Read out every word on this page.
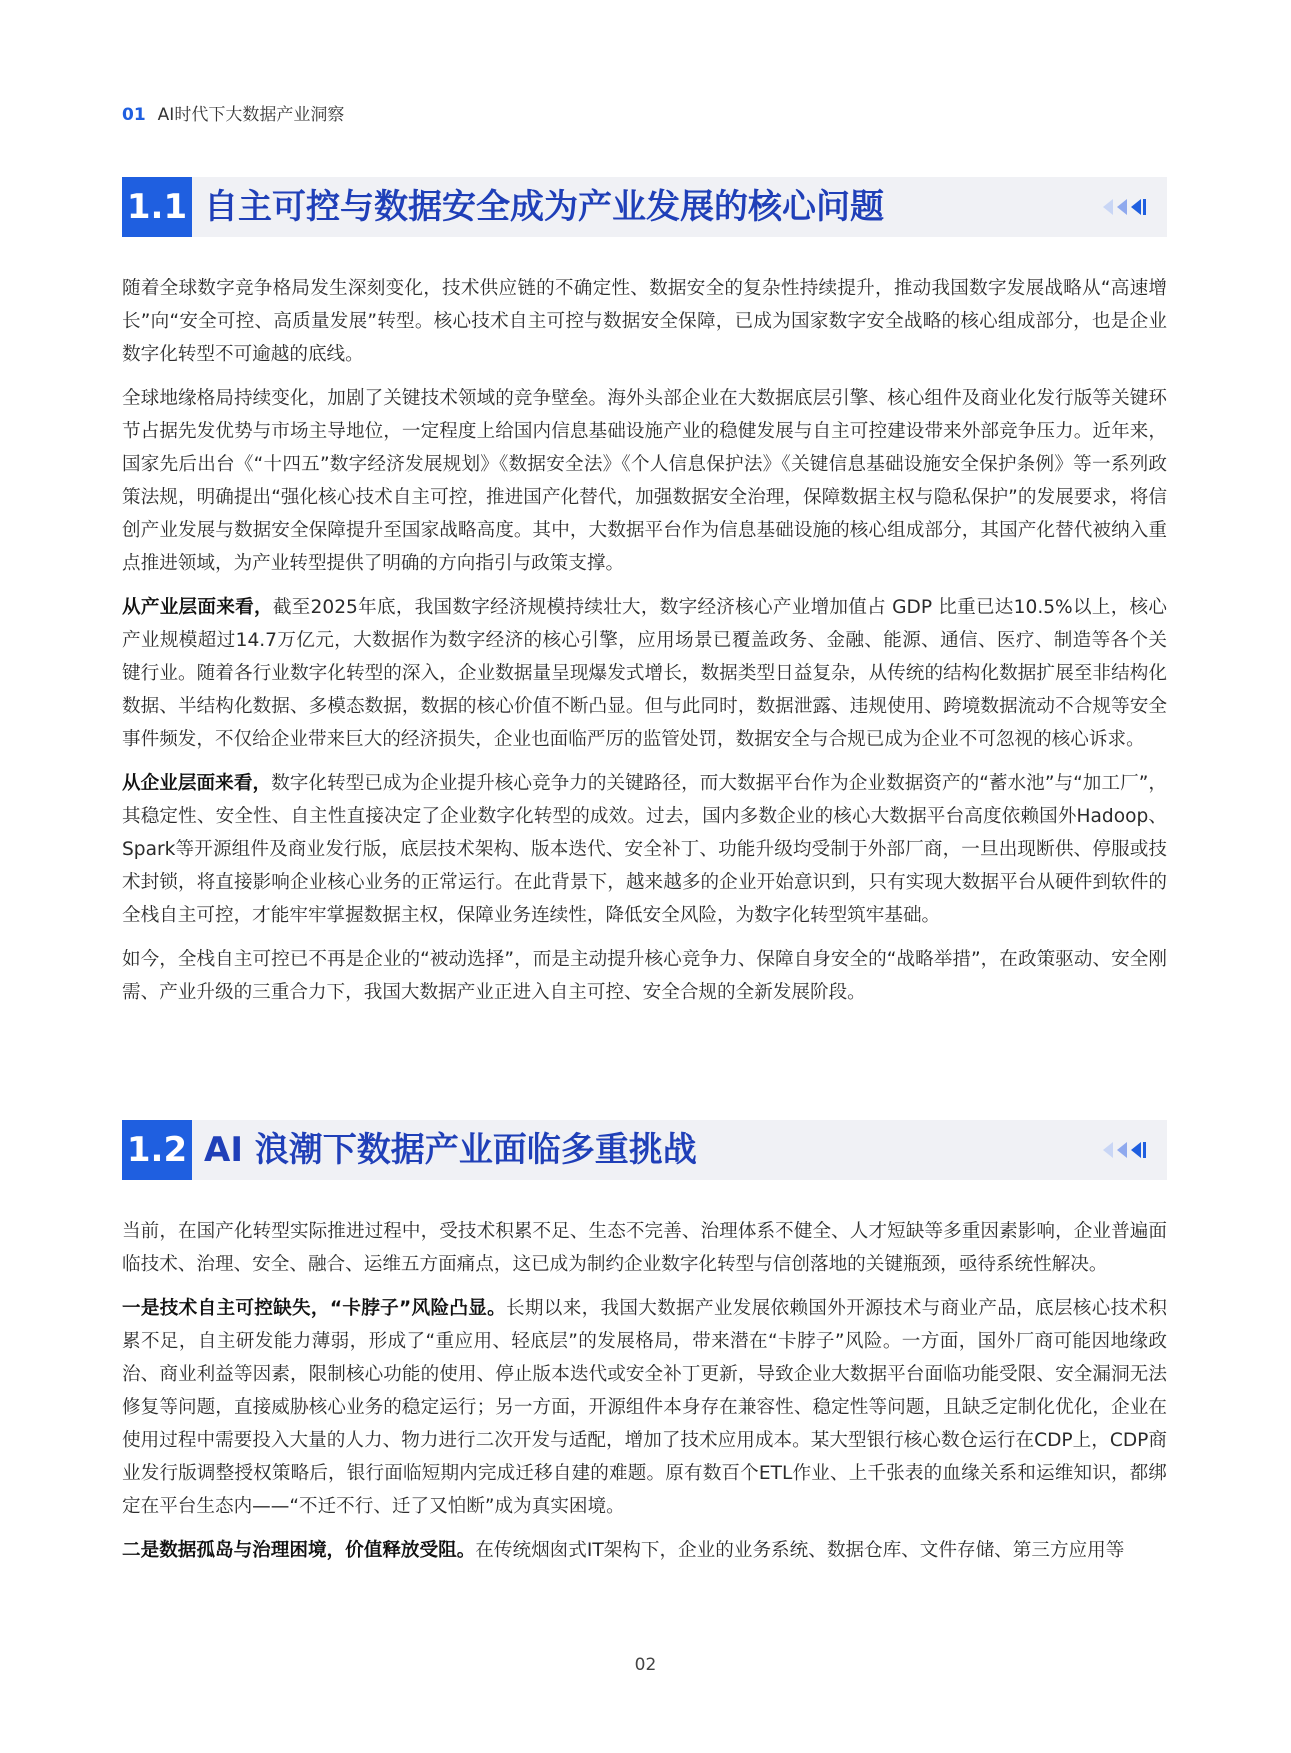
01 AI时代下大数据产业洞察
1.1 自主可控与数据安全成为产业发展的核心问题

随着全球数字竞争格局发生深刻变化，技术供应链的不确定性、数据安全的复杂性持续提升，推动我国数字发展战略从“高速增长”向“安全可控、高质量发展”转型。核心技术自主可控与数据安全保障，已成为国家数字安全战略的核心组成部分，也是企业数字化转型不可逾越的底线。

全球地缘格局持续变化，加剧了关键技术领域的竞争壁垒。海外头部企业在大数据底层引擎、核心组件及商业化发行版等关键环节占据先发优势与市场主导地位，一定程度上给国内信息基础设施产业的稳健发展与自主可控建设带来外部竞争压力。近年来，国家先后出台《“十四五”数字经济发展规划》《数据安全法》《个人信息保护法》《关键信息基础设施安全保护条例》等一系列政策法规，明确提出“强化核心技术自主可控，推进国产化替代，加强数据安全治理，保障数据主权与隐私保护”的发展要求，将信创产业发展与数据安全保障提升至国家战略高度。其中，大数据平台作为信息基础设施的核心组成部分，其国产化替代被纳入重点推进领域，为产业转型提供了明确的方向指引与政策支撑。

从产业层面来看，截至2025年底，我国数字经济规模持续壮大，数字经济核心产业增加值占 GDP 比重已达10.5%以上，核心产业规模超过14.7万亿元，大数据作为数字经济的核心引擎，应用场景已覆盖政务、金融、能源、通信、医疗、制造等各个关键行业。随着各行业数字化转型的深入，企业数据量呈现爆发式增长，数据类型日益复杂，从传统的结构化数据扩展至非结构化数据、半结构化数据、多模态数据，数据的核心价值不断凸显。但与此同时，数据泄露、违规使用、跨境数据流动不合规等安全事件频发，不仅给企业带来巨大的经济损失，企业也面临严厉的监管处罚，数据安全与合规已成为企业不可忽视的核心诉求。

从企业层面来看，数字化转型已成为企业提升核心竞争力的关键路径，而大数据平台作为企业数据资产的“蓄水池”与“加工厂”，其稳定性、安全性、自主性直接决定了企业数字化转型的成效。过去，国内多数企业的核心大数据平台高度依赖国外Hadoop、Spark等开源组件及商业发行版，底层技术架构、版本迭代、安全补丁、功能升级均受制于外部厂商，一旦出现断供、停服或技术封锁，将直接影响企业核心业务的正常运行。在此背景下，越来越多的企业开始意识到，只有实现大数据平台从硬件到软件的全栈自主可控，才能牢牢掌握数据主权，保障业务连续性，降低安全风险，为数字化转型筑牢基础。

如今，全栈自主可控已不再是企业的“被动选择”，而是主动提升核心竞争力、保障自身安全的“战略举措”，在政策驱动、安全刚需、产业升级的三重合力下，我国大数据产业正进入自主可控、安全合规的全新发展阶段。

1.2 AI 浪潮下数据产业面临多重挑战

当前，在国产化转型实际推进过程中，受技术积累不足、生态不完善、治理体系不健全、人才短缺等多重因素影响，企业普遍面临技术、治理、安全、融合、运维五方面痛点，这已成为制约企业数字化转型与信创落地的关键瓶颈，亟待系统性解决。

一是技术自主可控缺失，“卡脖子”风险凸显。长期以来，我国大数据产业发展依赖国外开源技术与商业产品，底层核心技术积累不足，自主研发能力薄弱，形成了“重应用、轻底层”的发展格局，带来潜在“卡脖子”风险。一方面，国外厂商可能因地缘政治、商业利益等因素，限制核心功能的使用、停止版本迭代或安全补丁更新，导致企业大数据平台面临功能受限、安全漏洞无法修复等问题，直接威胁核心业务的稳定运行；另一方面，开源组件本身存在兼容性、稳定性等问题，且缺乏定制化优化，企业在使用过程中需要投入大量的人力、物力进行二次开发与适配，增加了技术应用成本。某大型银行核心数仓运行在CDP上，CDP商业发行版调整授权策略后，银行面临短期内完成迁移自建的难题。原有数百个ETL作业、上千张表的血缘关系和运维知识，都绑定在平台生态内——“不迁不行、迁了又怕断”成为真实困境。

二是数据孤岛与治理困境，价值释放受阻。在传统烟囱式IT架构下，企业的业务系统、数据仓库、文件存储、第三方应用等

02
